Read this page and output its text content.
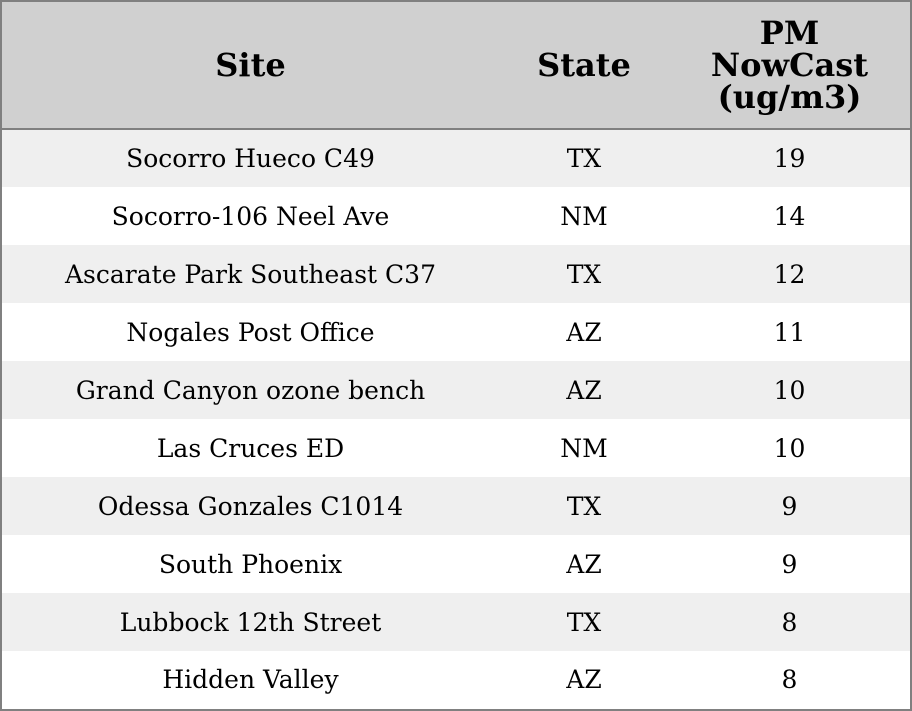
Site	State	PM
NowCast
(ug/m3)

Socorro Hueco C49	TX	19
Socorro-106 Neel Ave	NM	14
Ascarate Park Southeast C37	TX	12
Nogales Post Office	AZ	11
Grand Canyon ozone bench	AZ	10
Las Cruces ED	NM	10
Odessa Gonzales C1014	TX	9
South Phoenix	AZ	9
Lubbock 12th Street	TX	8
Hidden Valley	AZ	8
